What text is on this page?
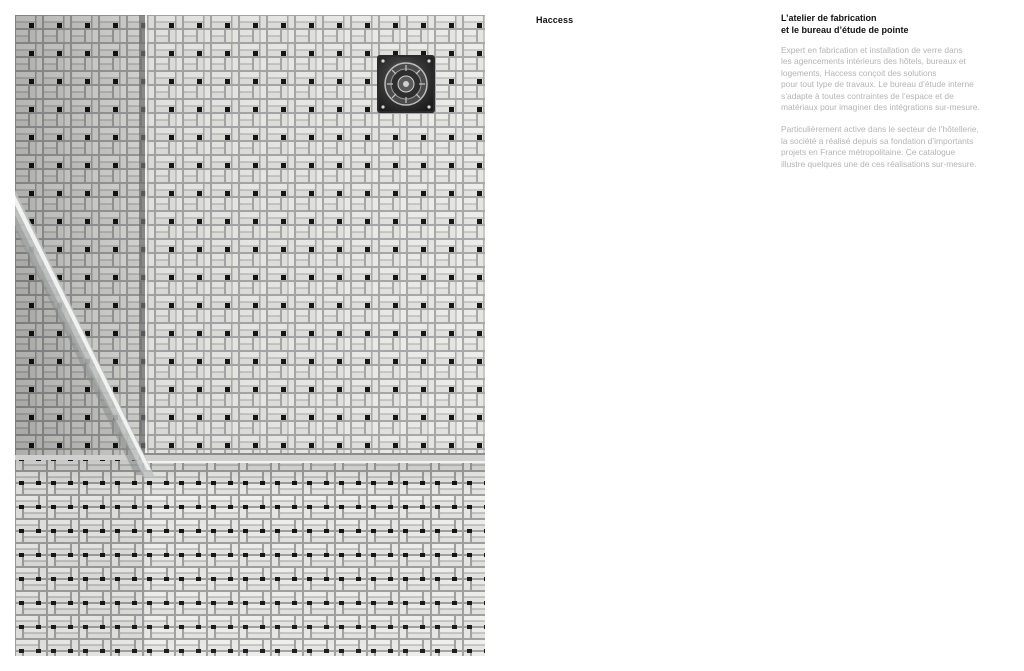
Haccess	L’atelier de fabrication
et le bureau d’étude de pointe

Expert en fabrication et installation de verre dans
les agencements intérieurs des hôtels, bureaux et
logements, Haccess conçoit des solutions
pour tout type de travaux. Le bureau d’étude interne
s’adapte à toutes contraintes de l’espace et de
matériaux pour imaginer des intégrations sur-mesure.

Particulièrement active dans le secteur de l’hôtellerie,
la société a réalisé depuis sa fondation d’importants
projets en France métropolitaine. Ce catalogue
illustre quelques une de ces réalisations sur-mesure.
